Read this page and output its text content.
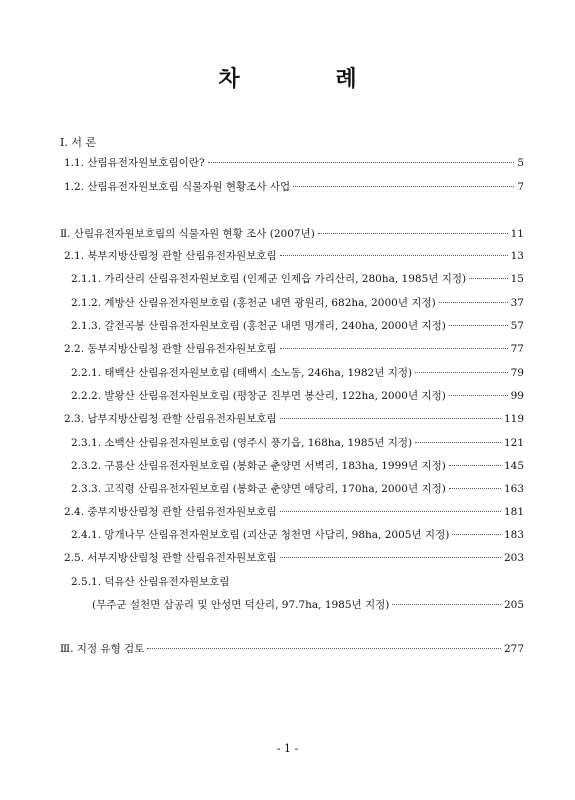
차 례
Ⅰ. 서 론
1.1. 산림유전자원보호림이란?	5
1.2. 산림유전자원보호림 식물자원 현황조사 사업	7
Ⅱ. 산림유전자원보호림의 식물자원 현황 조사 (2007년)	11
2.1. 북부지방산림청 관할 산림유전자원보호림	13
2.1.1. 가리산리 산림유전자원보호림 (인제군 인제읍 가리산리, 280ha, 1985년 지정)	15
2.1.2. 계방산 산림유전자원보호림 (홍천군 내면 광원리, 682ha, 2000년 지정)	37
2.1.3. 갈전곡봉 산림유전자원보호림 (홍천군 내면 명개리, 240ha, 2000년 지정)	57
2.2. 동부지방산림청 관할 산림유전자원보호림	77
2.2.1. 태백산 산림유전자원보호림 (태백시 소노동, 246ha, 1982년 지정)	79
2.2.2. 발왕산 산림유전자원보호림 (평창군 진부면 봉산리, 122ha, 2000년 지정)	99
2.3. 남부지방산림청 관할 산림유전자원보호림	119
2.3.1. 소백산 산림유전자원보호림 (영주시 풍기읍, 168ha, 1985년 지정)	121
2.3.2. 구룡산 산림유전자원보호림 (봉화군 춘양면 서벽리, 183ha, 1999년 지정)	145
2.3.3. 고직령 산림유전자원보호림 (봉화군 춘양면 애당리, 170ha, 2000년 지정)	163
2.4. 중부지방산림청 관할 산림유전자원보호림	181
2.4.1. 망개나무 산림유전자원보호림 (괴산군 청천면 사담리, 98ha, 2005년 지정)	183
2.5. 서부지방산림청 관할 산림유전자원보호림	203
2.5.1. 덕유산 산림유전자원보호림
(무주군 설천면 삼공리 및 안성면 덕산리, 97.7ha, 1985년 지정)	205
Ⅲ. 지정 유형 검토	277
- 1 -
